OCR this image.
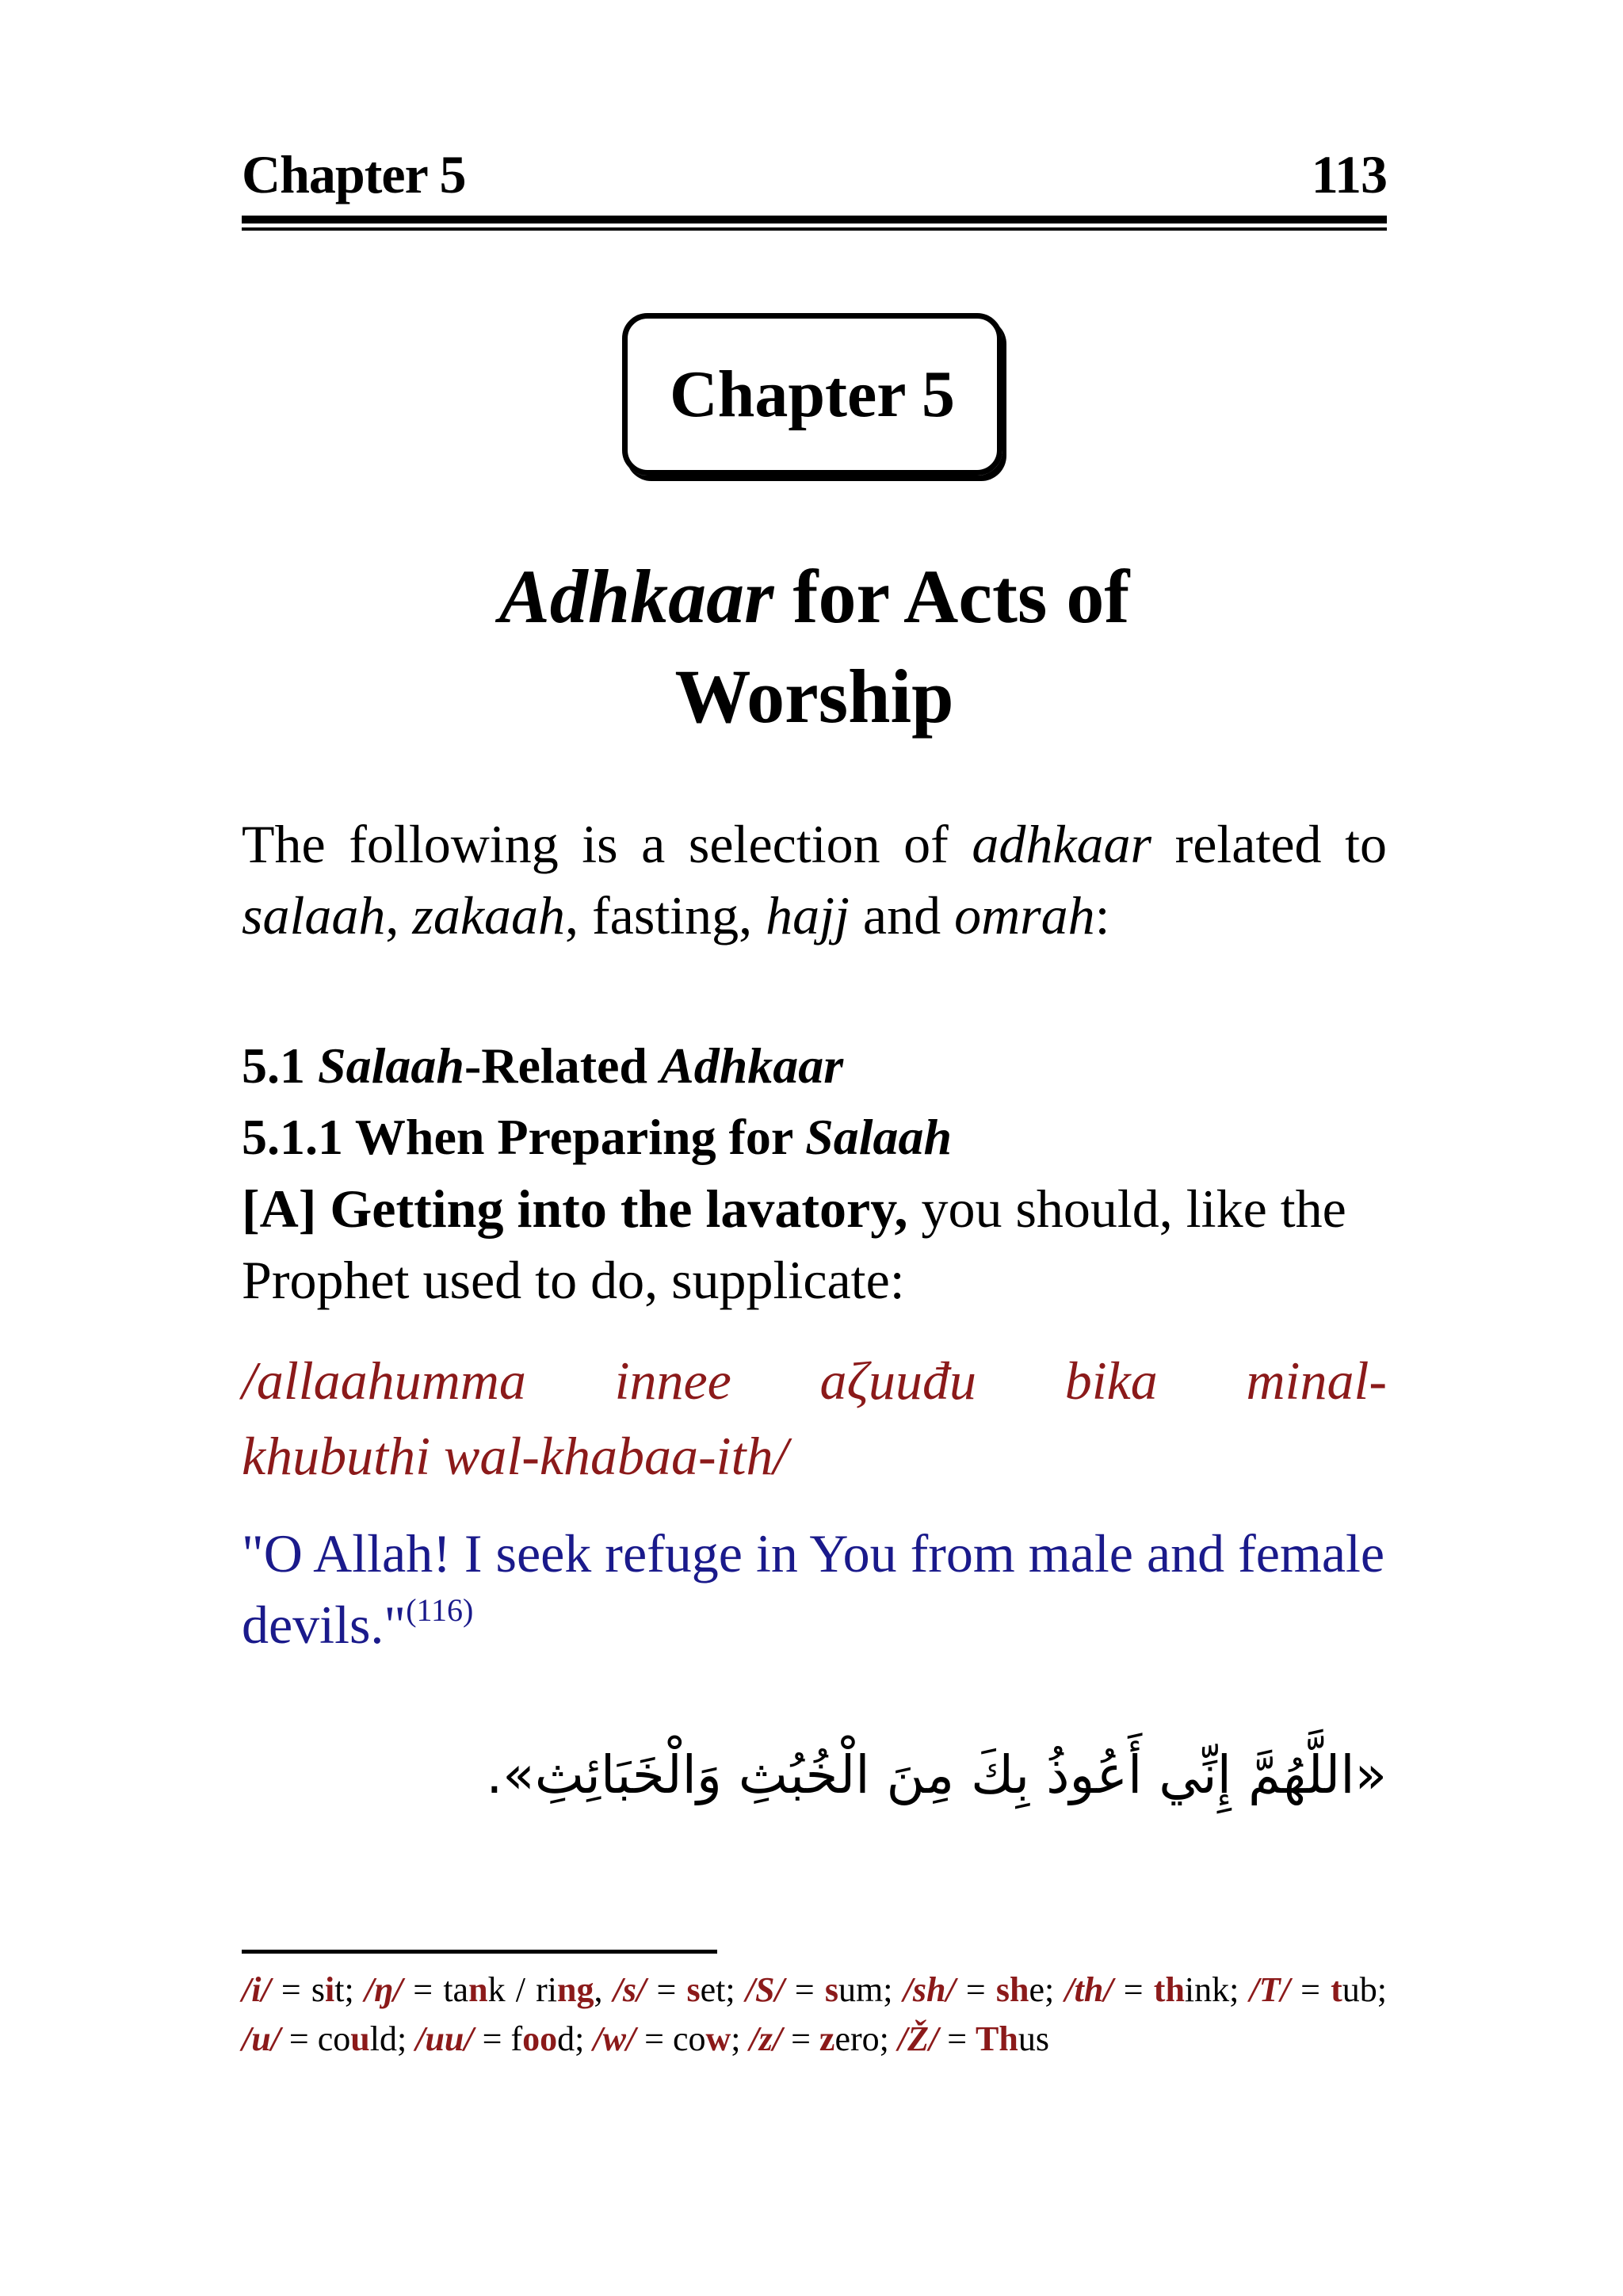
Chapter 5	113
Chapter 5
Adhkaar for Acts of
Worship
The following is a selection of adhkaar related to salaah, zakaah, fasting, hajj and omrah:
5.1 Salaah-Related Adhkaar
5.1.1 When Preparing for Salaah
[A] Getting into the lavatory, you should, like the Prophet used to do, supplicate:
/allaahumma innee aζuuđu bika minal-
khubuthi wal-khabaa-ith/
"O Allah! I seek refuge in You from male and female devils."$^{(116)}$
«اللَّهُمَّ إِنِّي أَعُوذُ بِكَ مِنَ الْخُبُثِ وَالْخَبَائِثِ».
/i/ = sit; /ŋ/ = tank / ring, /s/ = set; /S/ = sum; /sh/ = she; /th/ = think; /T/ = tub; /u/ = could; /uu/ = food; /w/ = cow; /z/ = zero; /Ž/ = Thus
